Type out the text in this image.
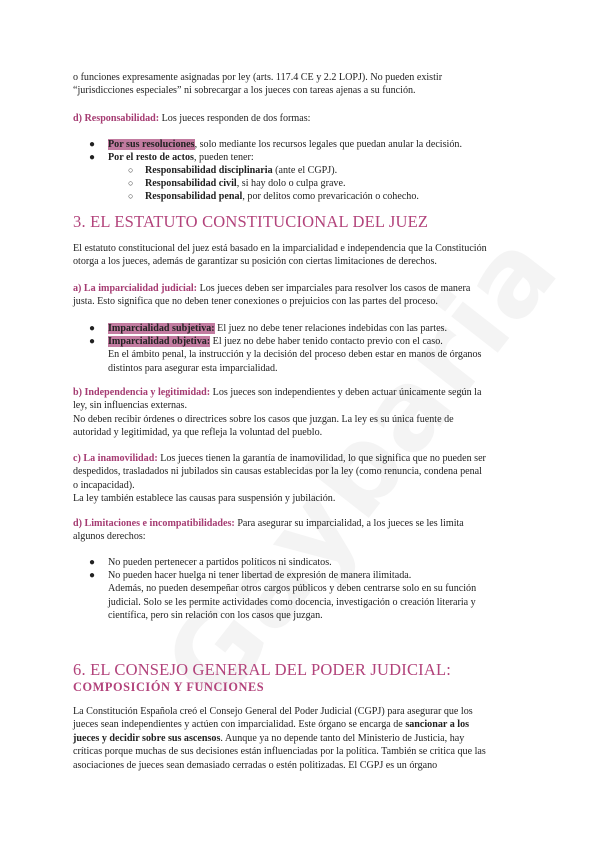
o funciones expresamente asignadas por ley (arts. 117.4 CE y 2.2 LOPJ). No pueden existir
“jurisdicciones especiales” ni sobrecargar a los jueces con tareas ajenas a su función.
d) Responsabilidad: Los jueces responden de dos formas:
● Por sus resoluciones, solo mediante los recursos legales que puedan anular la decisión.
● Por el resto de actos, pueden tener:
○ Responsabilidad disciplinaria (ante el CGPJ).
○ Responsabilidad civil, si hay dolo o culpa grave.
○ Responsabilidad penal, por delitos como prevaricación o cohecho.
3. EL ESTATUTO CONSTITUCIONAL DEL JUEZ
El estatuto constitucional del juez está basado en la imparcialidad e independencia que la Constitución
otorga a los jueces, además de garantizar su posición con ciertas limitaciones de derechos.
a) La imparcialidad judicial: Los jueces deben ser imparciales para resolver los casos de manera
justa. Esto significa que no deben tener conexiones o prejuicios con las partes del proceso.
● Imparcialidad subjetiva: El juez no debe tener relaciones indebidas con las partes.
● Imparcialidad objetiva: El juez no debe haber tenido contacto previo con el caso.
En el ámbito penal, la instrucción y la decisión del proceso deben estar en manos de órganos
distintos para asegurar esta imparcialidad.
b) Independencia y legitimidad: Los jueces son independientes y deben actuar únicamente según la
ley, sin influencias externas.
No deben recibir órdenes o directrices sobre los casos que juzgan. La ley es su única fuente de
autoridad y legitimidad, ya que refleja la voluntad del pueblo.
c) La inamovilidad: Los jueces tienen la garantía de inamovilidad, lo que significa que no pueden ser
despedidos, trasladados ni jubilados sin causas establecidas por la ley (como renuncia, condena penal
o incapacidad).
La ley también establece las causas para suspensión y jubilación.
d) Limitaciones e incompatibilidades: Para asegurar su imparcialidad, a los jueces se les limita
algunos derechos:
● No pueden pertenecer a partidos políticos ni sindicatos.
● No pueden hacer huelga ni tener libertad de expresión de manera ilimitada.
Además, no pueden desempeñar otros cargos públicos y deben centrarse solo en su función
judicial. Solo se les permite actividades como docencia, investigación o creación literaria y
científica, pero sin relación con los casos que juzgan.
6. EL CONSEJO GENERAL DEL PODER JUDICIAL:
COMPOSICIÓN Y FUNCIONES
La Constitución Española creó el Consejo General del Poder Judicial (CGPJ) para asegurar que los
jueces sean independientes y actúen con imparcialidad. Este órgano se encarga de sancionar a los
jueces y decidir sobre sus ascensos. Aunque ya no depende tanto del Ministerio de Justicia, hay
críticas porque muchas de sus decisiones están influenciadas por la política. También se critica que las
asociaciones de jueces sean demasiado cerradas o estén politizadas. El CGPJ es un órgano
